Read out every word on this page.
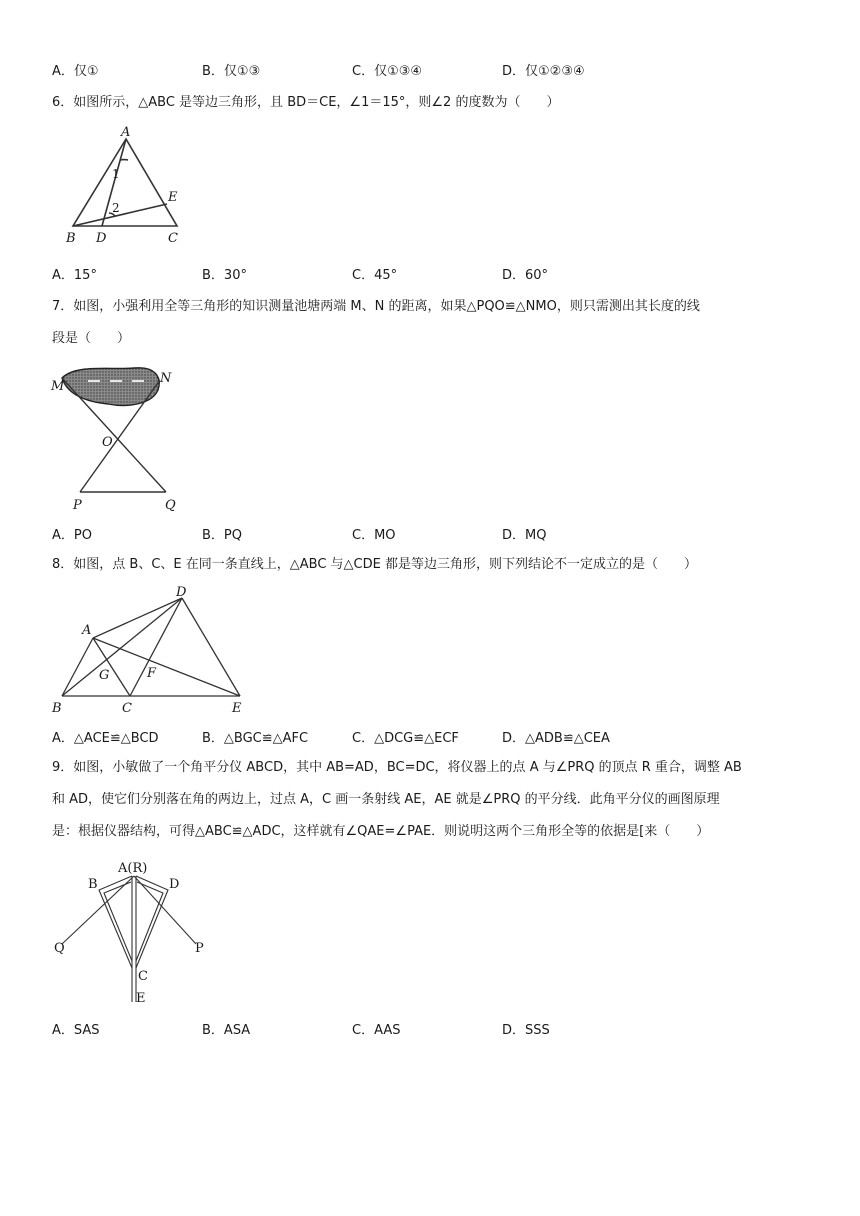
A．仅①	B．仅①③	C．仅①③④	D．仅①②③④
6．如图所示，△ABC 是等边三角形，且 BD＝CE，∠1＝15°，则∠2 的度数为（　　）
A
1
2
E
B D	C
A．15°	B．30°	C．45°	D．60°
7．如图，小强利用全等三角形的知识测量池塘两端 M、N 的距离，如果△PQO≌△NMO，则只需测出其长度的线
段是（　　）
M
N
O
P	Q
A．PO	B．PQ	C．MO	D．MQ
8．如图，点 B、C、E 在同一条直线上，△ABC 与△CDE 都是等边三角形，则下列结论不一定成立的是（　　）
D
A
G	F
B	C	E
A．△ACE≌△BCD	B．△BGC≌△AFC	C．△DCG≌△ECF	D．△ADB≌△CEA
9．如图，小敏做了一个角平分仪 ABCD，其中 AB=AD，BC=DC，将仪器上的点 A 与∠PRQ 的顶点 R 重合，调整 AB
和 AD，使它们分别落在角的两边上，过点 A，C 画一条射线 AE，AE 就是∠PRQ 的平分线．此角平分仪的画图原理
是：根据仪器结构，可得△ABC≌△ADC，这样就有∠QAE=∠PAE．则说明这两个三角形全等的依据是[来（　　）
A(R)
B	D
Q	P
C
E
A．SAS	B．ASA	C．AAS	D．SSS
